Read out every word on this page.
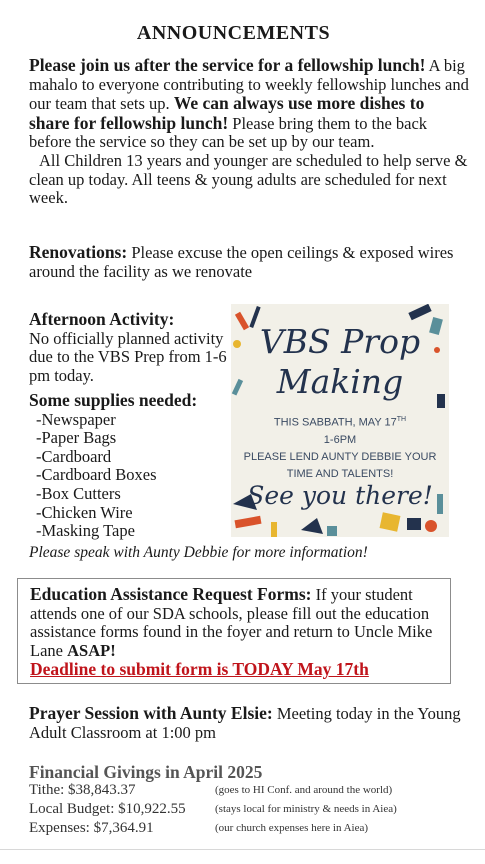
ANNOUNCEMENTS
Please join us after the service for a fellowship lunch! A big mahalo to everyone contributing to weekly fellowship lunches and our team that sets up. We can always use more dishes to share for fellowship lunch! Please bring them to the back before the service so they can be set up by our team.
All Children 13 years and younger are scheduled to help serve & clean up today. All teens & young adults are scheduled for next week.
Renovations: Please excuse the open ceilings & exposed wires around the facility as we renovate
Afternoon Activity:
No officially planned activity due to the VBS Prep from 1-6 pm today.
Some supplies needed:
-Newspaper
-Paper Bags
-Cardboard
-Cardboard Boxes
-Box Cutters
-Chicken Wire
-Masking Tape
Please speak with Aunty Debbie for more information!
VBS Prop
Making
THIS SABBATH, MAY 17TH
1-6PM
PLEASE LEND AUNTY DEBBIE YOUR
TIME AND TALENTS!
See you there!
Education Assistance Request Forms: If your student attends one of our SDA schools, please fill out the education assistance forms found in the foyer and return to Uncle Mike Lane ASAP!
Deadline to submit form is TODAY May 17th
Prayer Session with Aunty Elsie: Meeting today in the Young Adult Classroom at 1:00 pm
Financial Givings in April 2025
Tithe: $38,843.37	(goes to HI Conf. and around the world)
Local Budget: $10,922.55	(stays local for ministry & needs in Aiea)
Expenses: $7,364.91	(our church expenses here in Aiea)
